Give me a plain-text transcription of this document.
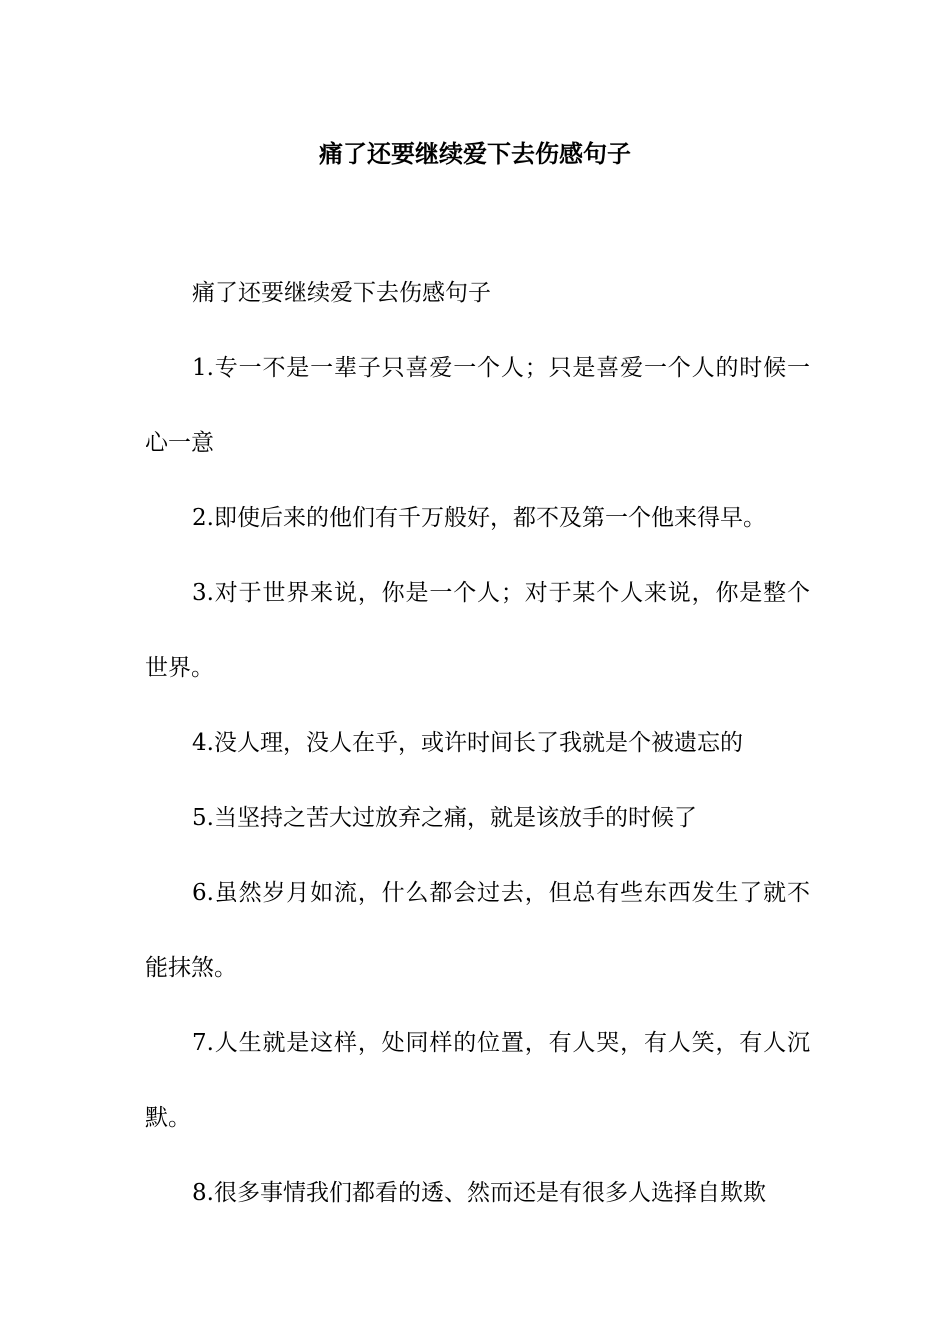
痛了还要继续爱下去伤感句子

痛了还要继续爱下去伤感句子

1.专一不是一辈子只喜爱一个人；只是喜爱一个人的时候一心一意

2.即使后来的他们有千万般好，都不及第一个他来得早。

3.对于世界来说，你是一个人；对于某个人来说，你是整个世界。

4.没人理，没人在乎，或许时间长了我就是个被遗忘的

5.当坚持之苦大过放弃之痛，就是该放手的时候了

6.虽然岁月如流，什么都会过去，但总有些东西发生了就不能抹煞。

7.人生就是这样，处同样的位置，有人哭，有人笑，有人沉默。

8.很多事情我们都看的透、然而还是有很多人选择自欺欺
